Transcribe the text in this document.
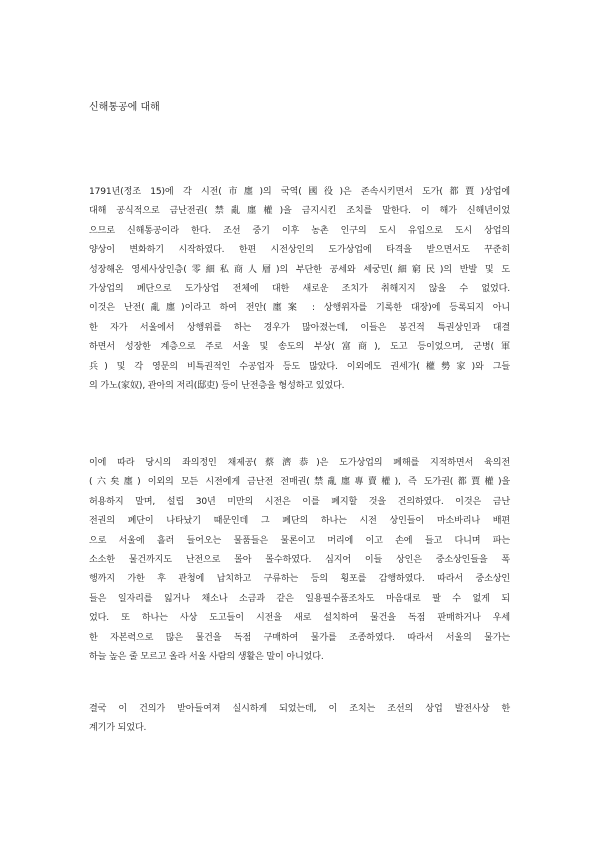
신해통공에 대해
1791년(정조 15)에 각 시전(市廛)의 국역(國役)은 존속시키면서 도가(都賈)상업에
대해 공식적으로 금난전권(禁亂廛權)을 금지시킨 조치를 말한다. 이 해가 신해년이었
으므로 신해통공이라 한다. 조선 중기 이후 농촌 인구의 도시 유입으로 도시 상업의
양상이 변화하기 시작하였다. 한편 시전상인의 도가상업에 타격을 받으면서도 꾸준히
성장해온 영세사상인층(零細私商人層)의 부단한 공세와 세궁민(細窮民)의 반발 및 도
가상업의 폐단으로 도가상업 전체에 대한 새로운 조치가 취해지지 않을 수 없었다.
이것은 난전(亂廛)이라고 하여 전안(廛案 : 상행위자를 기록한 대장)에 등록되지 아니
한 자가 서울에서 상행위를 하는 경우가 많아졌는데, 이들은 봉건적 특권상인과 대결
하면서 성장한 계층으로 주로 서울 및 송도의 부상(富商), 도고 등이었으며, 군병(軍
兵) 및 각 영문의 비특권적인 수공업자 등도 많았다. 이외에도 권세가(權勢家)와 그들
의 가노(家奴), 관아의 저리(邸吏) 등이 난전층을 형성하고 있었다.
이에 따라 당시의 좌의정인 채제공(蔡濟恭)은 도가상업의 폐해를 지적하면서 육의전
(六矣廛) 이외의 모든 시전에게 금난전 전매권(禁亂廛專賣權), 즉 도가권(都賈權)을
허용하지 말며, 설립 30년 미만의 시전은 이를 폐지할 것을 건의하였다. 이것은 금난
전권의 폐단이 나타났기 때문인데 그 폐단의 하나는 시전 상인들이 마소바리나 배편
으로 서울에 흘러 들어오는 물품들은 물론이고 머리에 이고 손에 들고 다니며 파는
소소한 물건까지도 난전으로 몰아 몰수하였다. 심지어 이들 상인은 중소상인들을 폭
행까지 가한 후 관청에 납치하고 구류하는 등의 횡포를 감행하였다. 따라서 중소상인
들은 일자리를 잃거나 채소나 소금과 같은 일용필수품조차도 마음대로 팔 수 없게 되
었다. 또 하나는 사상 도고들이 시전을 새로 설치하여 물건을 독점 판매하거나 우세
한 자본력으로 많은 물건을 독점 구매하여 물가를 조종하였다. 따라서 서울의 물가는
하늘 높은 줄 모르고 올라 서울 사람의 생활은 말이 아니었다.
결국 이 건의가 받아들여져 실시하게 되었는데, 이 조치는 조선의 상업 발전사상 한
계기가 되었다.
